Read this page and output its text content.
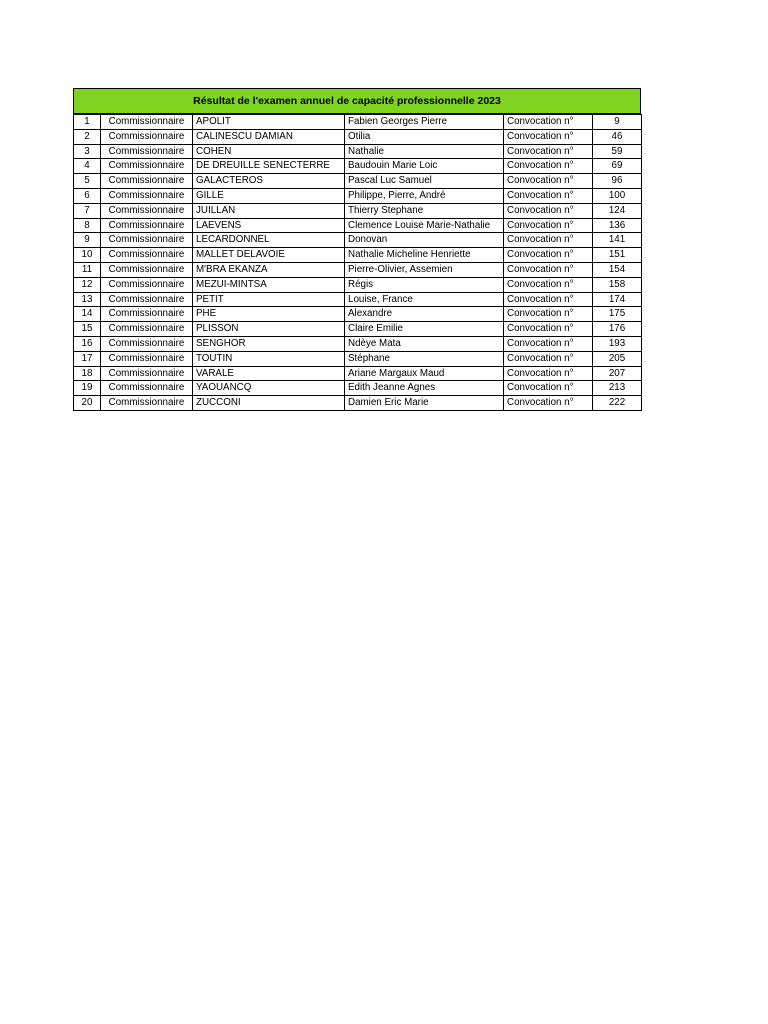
Résultat de l'examen annuel de capacité professionnelle 2023
1	Commissionnaire	APOLIT	Fabien Georges Pierre	Convocation n°	9
2	Commissionnaire	CALINESCU DAMIAN	Otilia	Convocation n°	46
3	Commissionnaire	COHEN	Nathalie	Convocation n°	59
4	Commissionnaire	DE DREUILLE SENECTERRE	Baudouin Marie Loic	Convocation n°	69
5	Commissionnaire	GALACTEROS	Pascal Luc Samuel	Convocation n°	96
6	Commissionnaire	GILLE	Philippe, Pierre, André	Convocation n°	100
7	Commissionnaire	JUILLAN	Thierry Stephane	Convocation n°	124
8	Commissionnaire	LAEVENS	Clemence Louise Marie-Nathalie	Convocation n°	136
9	Commissionnaire	LECARDONNEL	Donovan	Convocation n°	141
10	Commissionnaire	MALLET DELAVOIE	Nathalie Micheline Henriette	Convocation n°	151
11	Commissionnaire	M'BRA EKANZA	Pierre-Olivier, Assemien	Convocation n°	154
12	Commissionnaire	MEZUI-MINTSA	Régis	Convocation n°	158
13	Commissionnaire	PETIT	Louise, France	Convocation n°	174
14	Commissionnaire	PHE	Alexandre	Convocation n°	175
15	Commissionnaire	PLISSON	Claire Emilie	Convocation n°	176
16	Commissionnaire	SENGHOR	Ndèye Mata	Convocation n°	193
17	Commissionnaire	TOUTIN	Stéphane	Convocation n°	205
18	Commissionnaire	VARALE	Ariane Margaux Maud	Convocation n°	207
19	Commissionnaire	YAOUANCQ	Edith Jeanne Agnes	Convocation n°	213
20	Commissionnaire	ZUCCONI	Damien Eric Marie	Convocation n°	222
